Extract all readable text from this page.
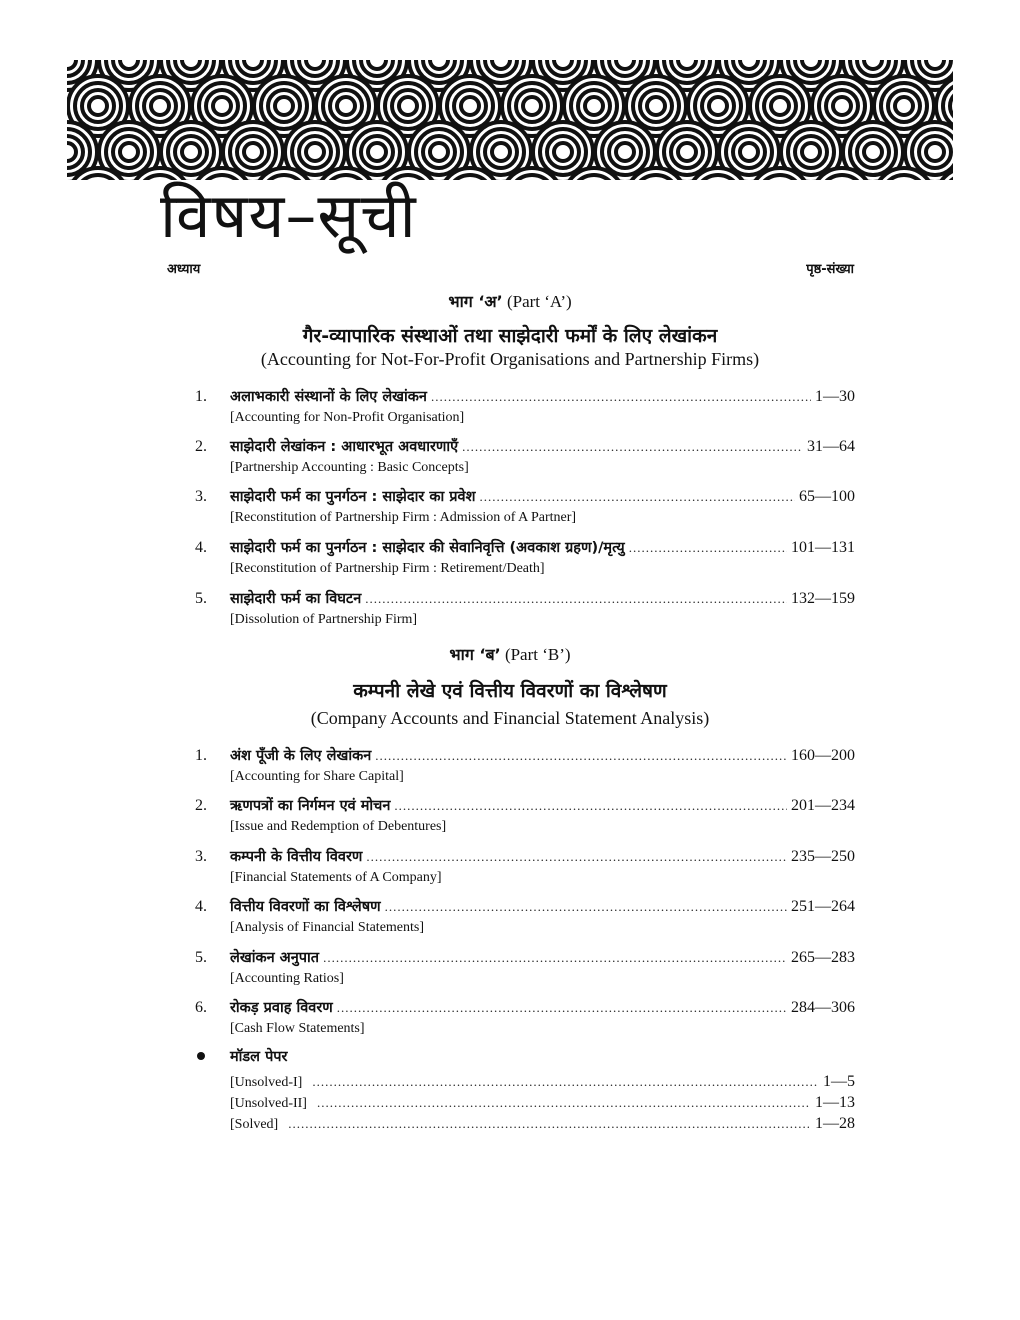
विषय–सूची
अध्याय	पृष्ठ-संख्या
भाग ‘अ’ (Part ‘A’)
गैर-व्यापारिक संस्थाओं तथा साझेदारी फर्मों के लिए लेखांकन
(Accounting for Not-For-Profit Organisations and Partnership Firms)
1. अलाभकारी संस्थानों के लिए लेखांकन .....	1—30
[Accounting for Non-Profit Organisation]
2. साझेदारी लेखांकन : आधारभूत अवधारणाएँ .....	31—64
[Partnership Accounting : Basic Concepts]
3. साझेदारी फर्म का पुनर्गठन : साझेदार का प्रवेश .....	65—100
[Reconstitution of Partnership Firm : Admission of A Partner]
4. साझेदारी फर्म का पुनर्गठन : साझेदार की सेवानिवृत्ति (अवकाश ग्रहण)/मृत्यु .....	101—131
[Reconstitution of Partnership Firm : Retirement/Death]
5. साझेदारी फर्म का विघटन .....	132—159
[Dissolution of Partnership Firm]
भाग ‘ब’ (Part ‘B’)
कम्पनी लेखे एवं वित्तीय विवरणों का विश्लेषण
(Company Accounts and Financial Statement Analysis)
1. अंश पूँजी के लिए लेखांकन .....	160—200
[Accounting for Share Capital]
2. ऋणपत्रों का निर्गमन एवं मोचन .....	201—234
[Issue and Redemption of Debentures]
3. कम्पनी के वित्तीय विवरण .....	235—250
[Financial Statements of A Company]
4. वित्तीय विवरणों का विश्लेषण .....	251—264
[Analysis of Financial Statements]
5. लेखांकन अनुपात .....	265—283
[Accounting Ratios]
6. रोकड़ प्रवाह विवरण .....	284—306
[Cash Flow Statements]
मॉडल पेपर
[Unsolved-I] .....	1—5
[Unsolved-II] .....	1—13
[Solved] .....	1—28
